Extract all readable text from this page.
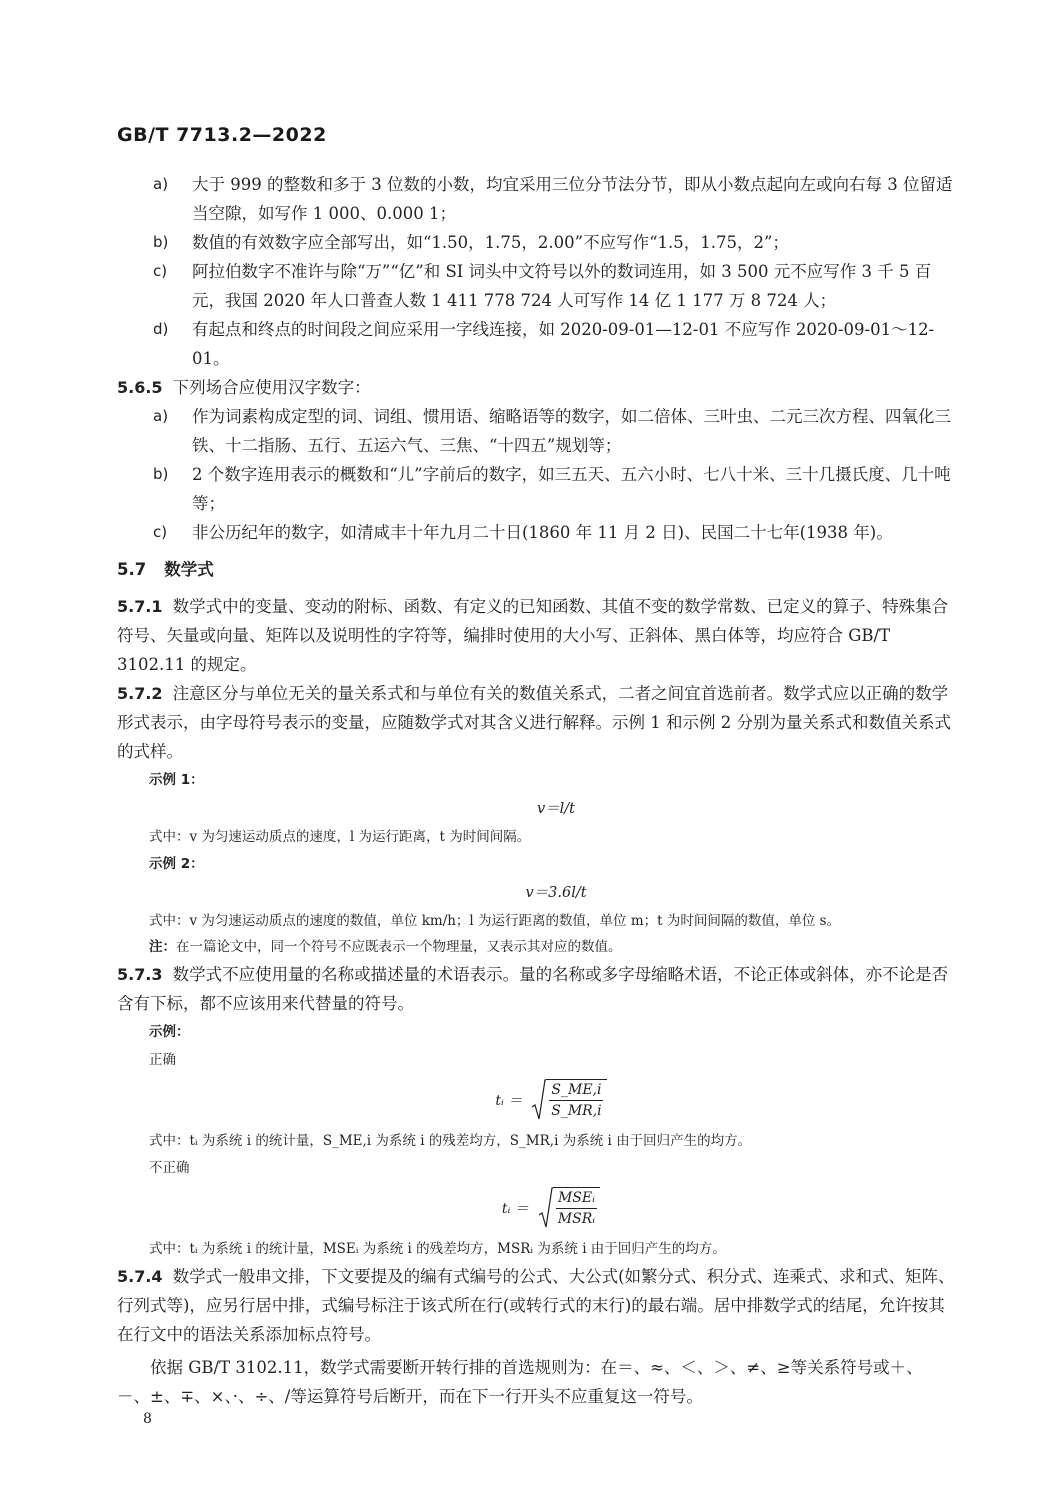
GB/T 7713.2—2022
a) 大于 999 的整数和多于 3 位数的小数，均宜采用三位分节法分节，即从小数点起向左或向右每 3 位留适当空隙，如写作 1 000、0.000 1；
b) 数值的有效数字应全部写出，如“1.50，1.75，2.00”不应写作“1.5，1.75，2”；
c) 阿拉伯数字不准许与除“万”“亿”和 SI 词头中文符号以外的数词连用，如 3 500 元不应写作 3 千 5 百元，我国 2020 年人口普查人数 1 411 778 724 人可写作 14 亿 1 177 万 8 724 人；
d) 有起点和终点的时间段之间应采用一字线连接，如 2020-09-01—12-01 不应写作 2020-09-01～12-01。
5.6.5 下列场合应使用汉字数字：
a) 作为词素构成定型的词、词组、惯用语、缩略语等的数字，如二倍体、三叶虫、二元三次方程、四氧化三铁、十二指肠、五行、五运六气、三焦、“十四五”规划等；
b) 2 个数字连用表示的概数和“儿”字前后的数字，如三五天、五六小时、七八十米、三十几摄氏度、几十吨等；
c) 非公历纪年的数字，如清咸丰十年九月二十日(1860 年 11 月 2 日)、民国二十七年(1938 年)。
5.7 数学式
5.7.1 数学式中的变量、变动的附标、函数、有定义的已知函数、其值不变的数学常数、已定义的算子、特殊集合符号、矢量或向量、矩阵以及说明性的字符等，编排时使用的大小写、正斜体、黑白体等，均应符合 GB/T 3102.11 的规定。
5.7.2 注意区分与单位无关的量关系式和与单位有关的数值关系式，二者之间宜首选前者。数学式应以正确的数学形式表示，由字母符号表示的变量，应随数学式对其含义进行解释。示例 1 和示例 2 分别为量关系式和数值关系式的式样。
示例 1：
v＝l/t
式中：v 为匀速运动质点的速度，l 为运行距离，t 为时间间隔。
示例 2：
v＝3.6l/t
式中：v 为匀速运动质点的速度的数值，单位 km/h；l 为运行距离的数值，单位 m；t 为时间间隔的数值，单位 s。
注：在一篇论文中，同一个符号不应既表示一个物理量，又表示其对应的数值。
5.7.3 数学式不应使用量的名称或描述量的术语表示。量的名称或多字母缩略术语，不论正体或斜体，亦不论是否含有下标，都不应该用来代替量的符号。
示例：
正确
tᵢ ＝ $\frac{S\_ME,i}{S\_MR,i}$
式中：tᵢ 为系统 i 的统计量，S_ME,i 为系统 i 的残差均方，S_MR,i 为系统 i 由于回归产生的均方。
不正确
tᵢ ＝ $\frac{\text{MSEᵢ}}{\text{MSRᵢ}}$
式中：tᵢ 为系统 i 的统计量，MSEᵢ 为系统 i 的残差均方，MSRᵢ 为系统 i 由于回归产生的均方。
5.7.4 数学式一般串文排，下文要提及的编有式编号的公式、大公式(如繁分式、积分式、连乘式、求和式、矩阵、行列式等)，应另行居中排，式编号标注于该式所在行(或转行式的末行)的最右端。居中排数学式的结尾，允许按其在行文中的语法关系添加标点符号。
依据 GB/T 3102.11，数学式需要断开转行排的首选规则为：在＝、≈、＜、＞、≠、≥等关系符号或＋、－、±、∓、×、·、÷、/等运算符号后断开，而在下一行开头不应重复这一符号。
8
